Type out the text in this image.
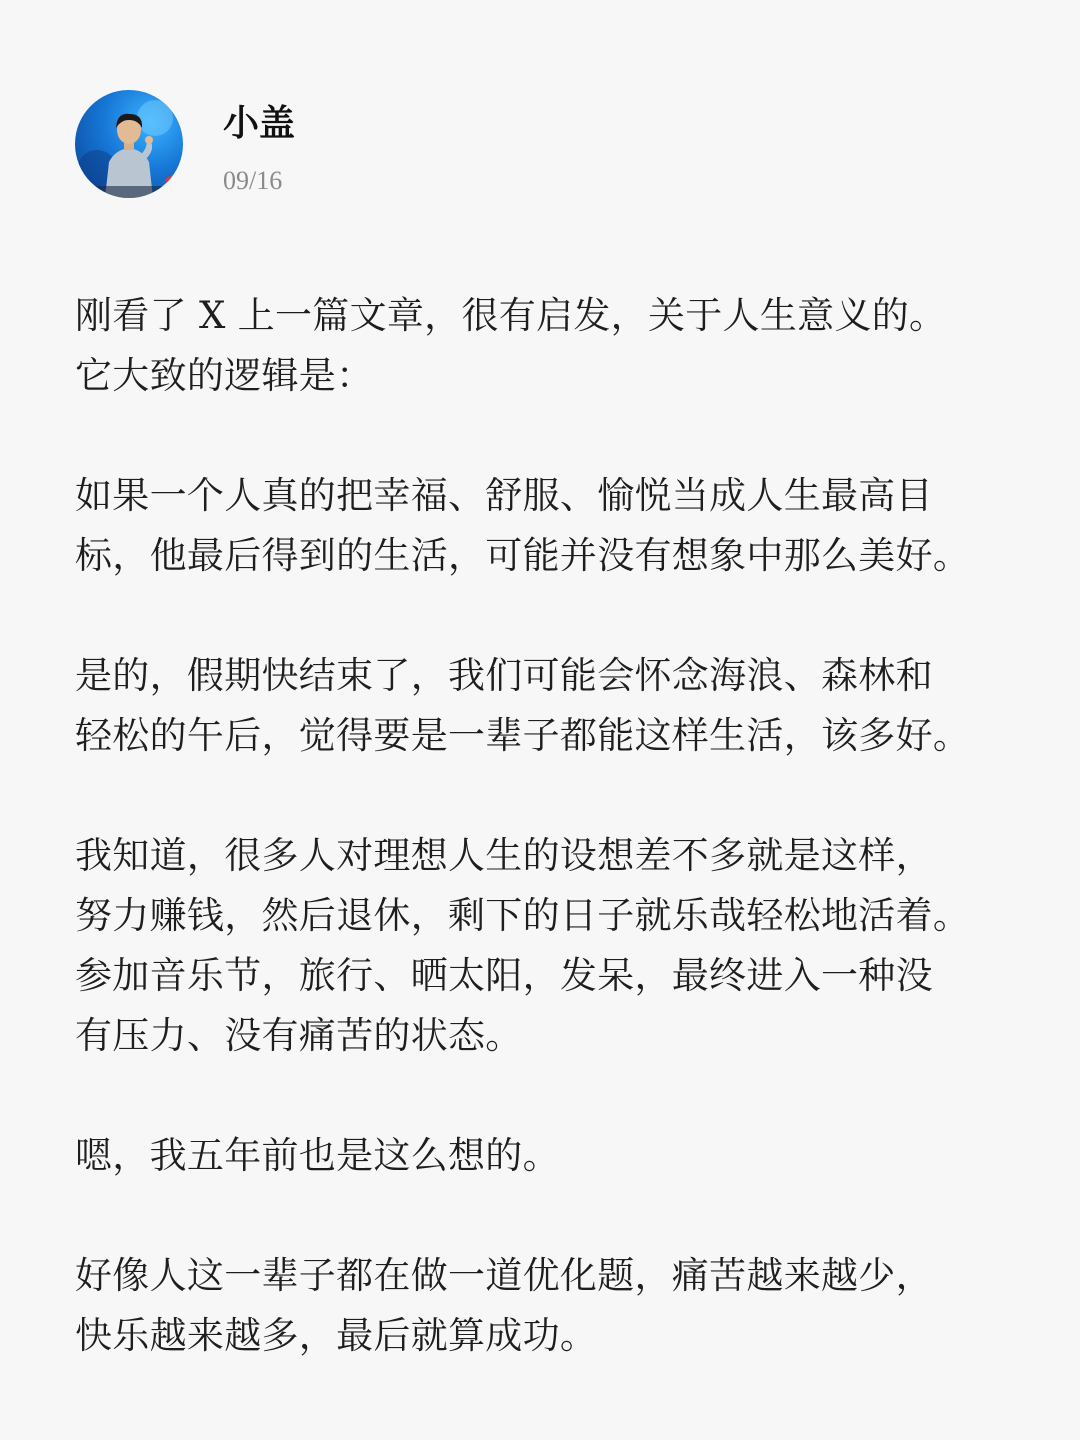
小盖
09/16
刚看了 X 上一篇文章，很有启发，关于人生意义的。
它大致的逻辑是：
如果一个人真的把幸福、舒服、愉悦当成人生最高目
标，他最后得到的生活，可能并没有想象中那么美好。
是的，假期快结束了，我们可能会怀念海浪、森林和
轻松的午后，觉得要是一辈子都能这样生活，该多好。
我知道，很多人对理想人生的设想差不多就是这样，
努力赚钱，然后退休，剩下的日子就乐哉轻松地活着。
参加音乐节，旅行、晒太阳，发呆，最终进入一种没
有压力、没有痛苦的状态。
嗯，我五年前也是这么想的。
好像人这一辈子都在做一道优化题，痛苦越来越少，
快乐越来越多，最后就算成功。
